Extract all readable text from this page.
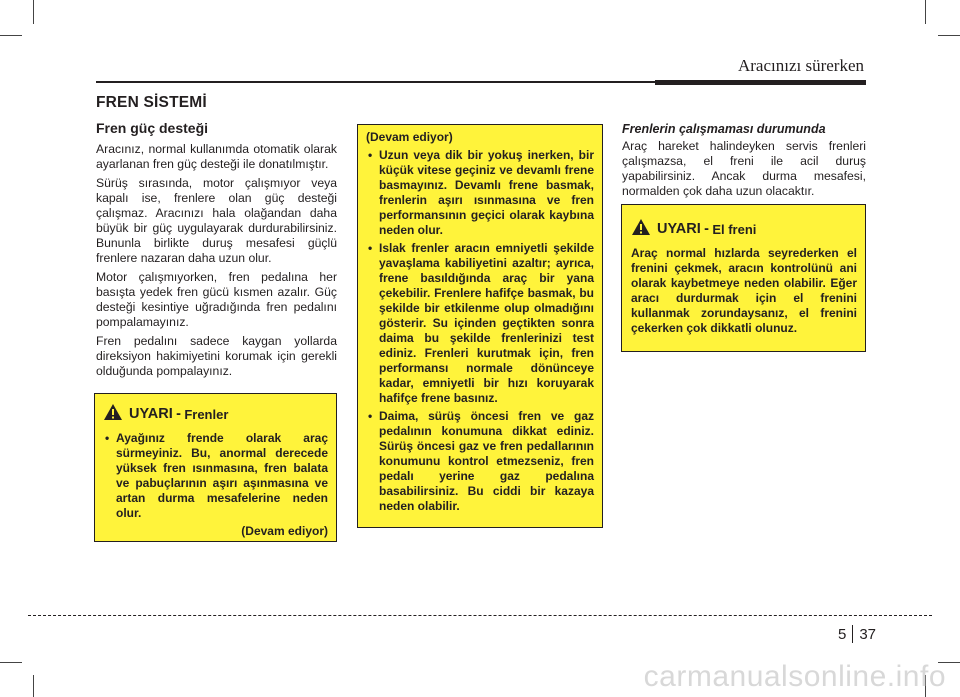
Aracınızı sürerken
FREN SİSTEMİ
Fren güç desteği

Aracınız, normal kullanımda otomatik olarak ayarlanan fren güç desteği ile donatılmıştır.

Sürüş sırasında, motor çalışmıyor veya kapalı ise, frenlere olan güç desteği çalışmaz. Aracınızı hala olağandan daha büyük bir güç uygulayarak durdurabilirsiniz. Bununla birlikte duruş mesafesi güçlü frenlere nazaran daha uzun olur.

Motor çalışmıyorken, fren pedalına her basışta yedek fren gücü kısmen azalır. Güç desteği kesintiye uğradığında fren pedalını pompalamayınız.

Fren pedalını sadece kaygan yollarda direksiyon hakimiyetini korumak için gerekli olduğunda pompalayınız.

UYARI
-
Frenler
• Ayağınız frende olarak araç sürmeyiniz. Bu, anormal derecede yüksek fren ısınmasına, fren balata ve pabuçlarının aşırı aşınmasına ve artan durma mesafelerine neden olur.
(Devam ediyor)
(Devam ediyor)
• Uzun veya dik bir yokuş inerken, bir küçük vitese geçiniz ve devamlı frene basmayınız. Devamlı frene basmak, frenlerin aşırı ısınmasına ve fren performansının geçici olarak kaybına neden olur.
• Islak frenler aracın emniyetli şekilde yavaşlama kabiliyetini azaltır; ayrıca, frene basıldığında araç bir yana çekebilir. Frenlere hafifçe basmak, bu şekilde bir etkilenme olup olmadığını gösterir. Su içinden geçtikten sonra daima bu şekilde frenlerinizi test ediniz. Frenleri kurutmak için, fren performansı normale dönünceye kadar, emniyetli bir hızı koruyarak hafifçe frene basınız.
• Daima, sürüş öncesi fren ve gaz pedalının konumuna dikkat ediniz. Sürüş öncesi gaz ve fren pedallarının konumunu kontrol etmezseniz, fren pedalı yerine gaz pedalına basabilirsiniz. Bu ciddi bir kazaya neden olabilir.
Frenlerin çalışmaması durumunda

Araç hareket halindeyken servis frenleri çalışmazsa, el freni ile acil duruş yapabilirsiniz. Ancak durma mesafesi, normalden çok daha uzun olacaktır.

UYARI
-
El freni

Araç normal hızlarda seyrederken el frenini çekmek, aracın kontrolünü ani olarak kaybetmeye neden olabilir. Eğer aracı durdurmak için el frenini kullanmak zorundaysanız, el frenini çekerken çok dikkatli olunuz.

5 37
carmanualsonline.info
